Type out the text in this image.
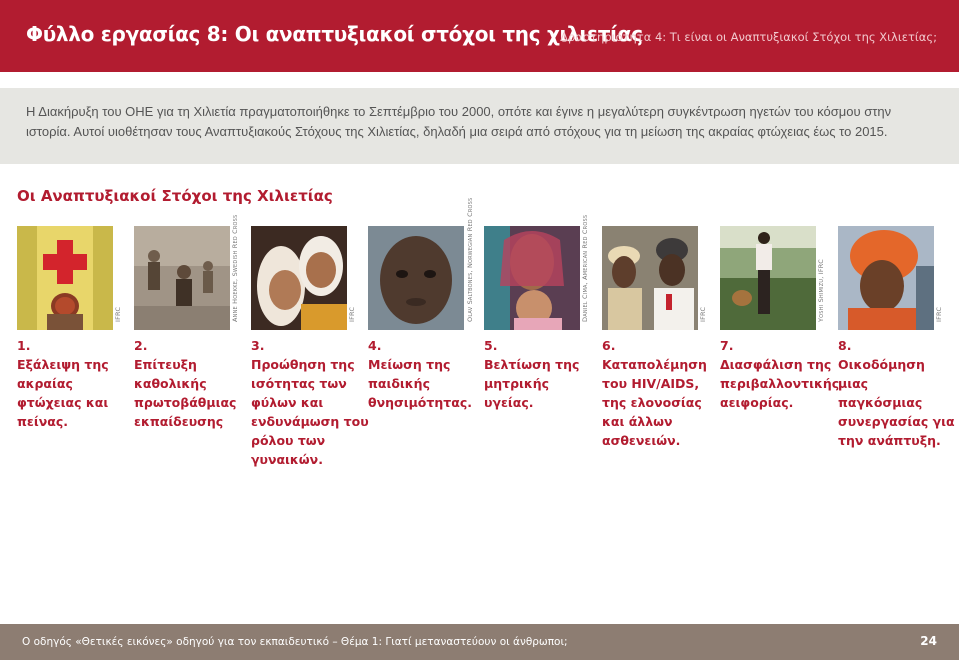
Φύλλο εργασίας 8: Οι αναπτυξιακοί στόχοι της χιλιετίας
Δραστηριότητα 4: Τι είναι οι Αναπτυξιακοί Στόχοι της Χιλιετίας;

Η Διακήρυξη του ΟΗΕ για τη Χιλιετία πραγματοποιήθηκε το Σεπτέμβριο του 2000, οπότε και έγινε η μεγαλύτερη συγκέντρωση ηγετών του κόσμου στην ιστορία. Αυτοί υιοθέτησαν τους Αναπτυξιακούς Στόχους της Χιλιετίας, δηλαδή μια σειρά από στόχους για τη μείωση της ακραίας φτώχειας έως το 2015.

Οι Αναπτυξιακοί Στόχοι της Χιλιετίας
IFRC
1.
Εξάλειψη της ακραίας φτώχειας και πείνας.
Anne Hoekke, Swedish Red Cross
2.
Επίτευξη καθολικής πρωτοβάθμιας εκπαίδευσης
IFRC
3.
Προώθηση της ισότητας των φύλων και ενδυνάμωση του ρόλου των γυναικών.
Olav Saltbones, Norwegian Red Cross
4.
Μείωση της παιδικής θνησιμότητας.
Daniel Cima, American Red Cross
5.
Βελτίωση της μητρικής υγείας.
IFRC
6.
Καταπολέμηση του HIV/AIDS, της ελονοσίας και άλλων ασθενειών.
Yoshi Shimizu, IFRC
7.
Διασφάλιση της περιβαλλοντικής αειφορίας.
IFRC
8.
Οικοδόμηση μιας παγκόσμιας συνεργασίας για την ανάπτυξη.
Ο οδηγός «Θετικές εικόνες» οδηγού για τον εκπαιδευτικό – Θέμα 1: Γιατί μεταναστεύουν οι άνθρωποι;	24
